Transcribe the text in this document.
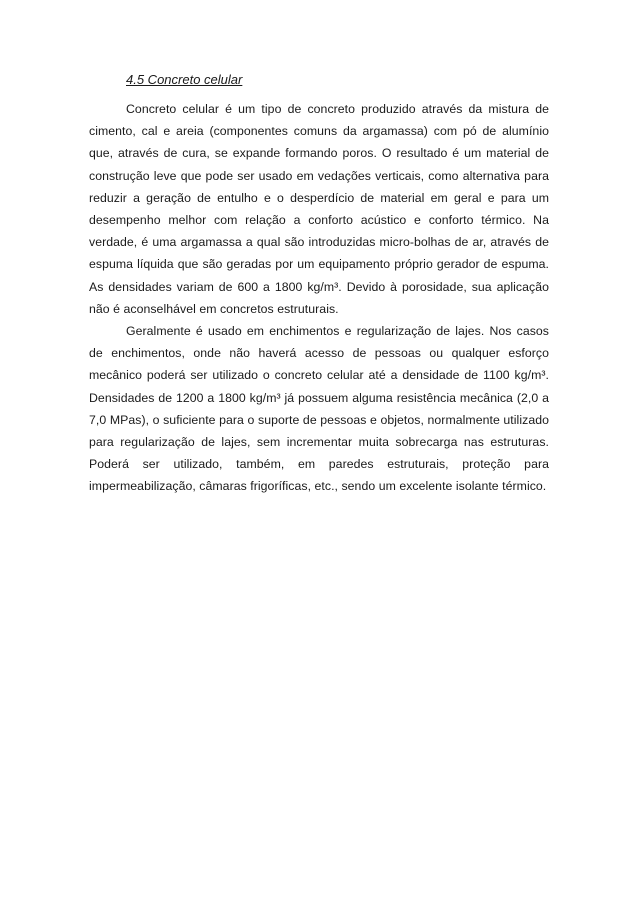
4.5 Concreto celular

Concreto celular é um tipo de concreto produzido através da mistura de cimento, cal e areia (componentes comuns da argamassa) com pó de alumínio que, através de cura, se expande formando poros. O resultado é um material de construção leve que pode ser usado em vedações verticais, como alternativa para reduzir a geração de entulho e o desperdício de material em geral e para um desempenho melhor com relação a conforto acústico e conforto térmico. Na verdade, é uma argamassa a qual são introduzidas micro-bolhas de ar, através de espuma líquida que são geradas por um equipamento próprio gerador de espuma. As densidades variam de 600 a 1800 kg/m³. Devido à porosidade, sua aplicação não é aconselhável em concretos estruturais.

Geralmente é usado em enchimentos e regularização de lajes. Nos casos de enchimentos, onde não haverá acesso de pessoas ou qualquer esforço mecânico poderá ser utilizado o concreto celular até a densidade de 1100 kg/m³. Densidades de 1200 a 1800 kg/m³ já possuem alguma resistência mecânica (2,0 a 7,0 MPas), o suficiente para o suporte de pessoas e objetos, normalmente utilizado para regularização de lajes, sem incrementar muita sobrecarga nas estruturas. Poderá ser utilizado, também, em paredes estruturais, proteção para impermeabilização, câmaras frigoríficas, etc., sendo um excelente isolante térmico.
